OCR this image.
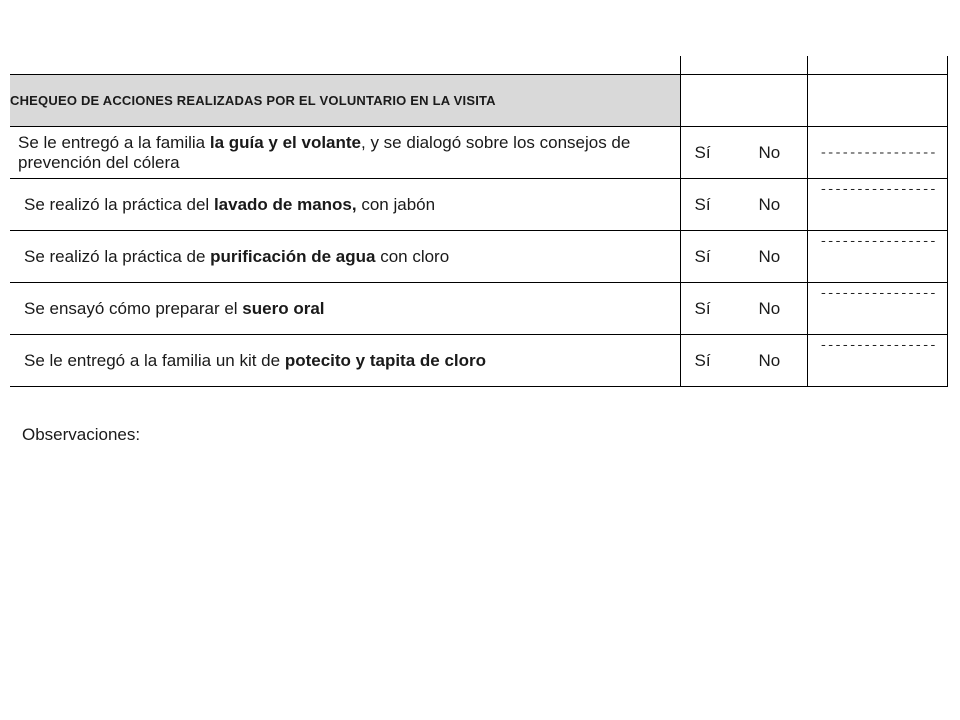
CHEQUEO DE ACCIONES REALIZADAS POR EL VOLUNTARIO EN LA VISITA		

Se le entregó a la familia la guía y el volante, y se dialogó sobre los consejos de prevención del cólera	Sí No	----------------

Se realizó la práctica del lavado de manos, con jabón	Sí No	----------------

Se realizó la práctica de purificación de agua con cloro	Sí No	----------------

Se ensayó cómo preparar el suero oral	Sí No	----------------

Se le entregó a la familia un kit de potecito y tapita de cloro	Sí No	----------------
Observaciones:
